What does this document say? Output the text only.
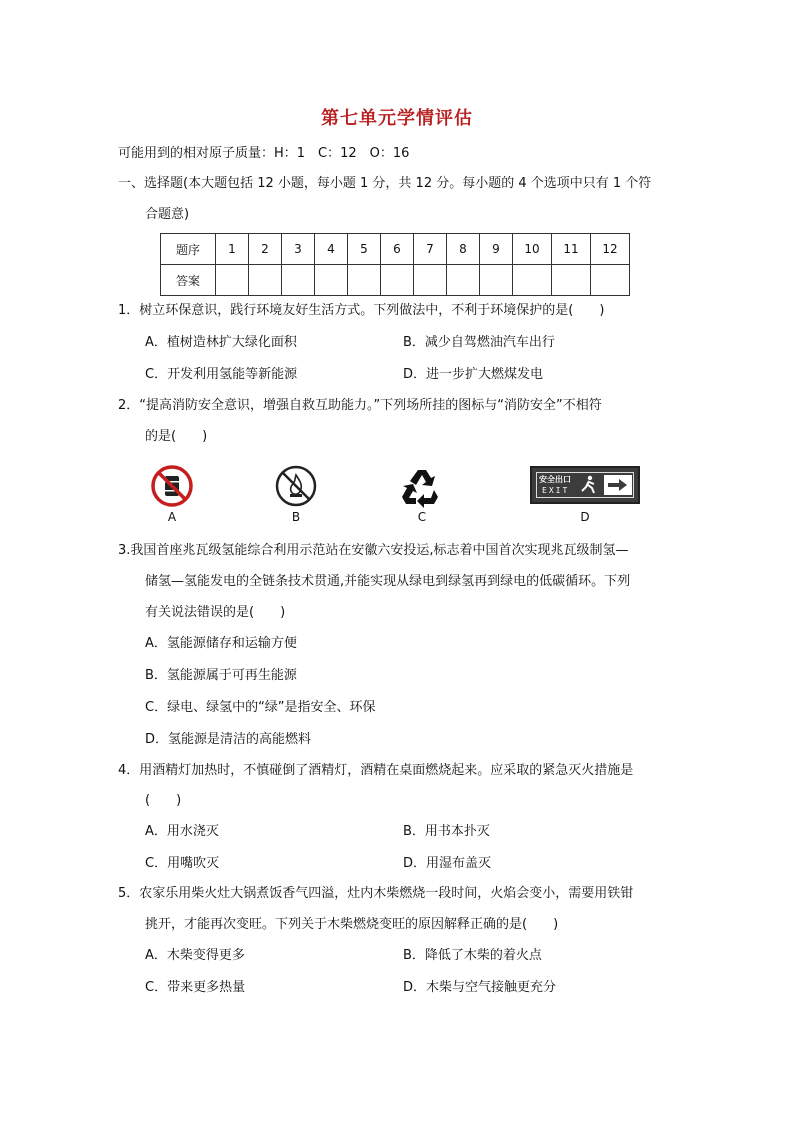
第七单元学情评估
可能用到的相对原子质量：H：1　C：12　O：16
一、选择题(本大题包括 12 小题，每小题 1 分，共 12 分。每小题的 4 个选项中只有 1 个符
合题意)
题序	1	2	3	4	5	6	7	8	9	10	11	12
答案												
1．树立环保意识，践行环境友好生活方式。下列做法中，不利于环境保护的是(　　)
A．植树造林扩大绿化面积	B．减少自驾燃油汽车出行
C．开发利用氢能等新能源	D．进一步扩大燃煤发电
2．“提高消防安全意识，增强自救互助能力。”下列场所挂的图标与“消防安全”不相符
的是(　　)
安全出口
EXIT
A	B	C	D
3.我国首座兆瓦级氢能综合利用示范站在安徽六安投运,标志着中国首次实现兆瓦级制氢—
储氢—氢能发电的全链条技术贯通,并能实现从绿电到绿氢再到绿电的低碳循环。下列
有关说法错误的是(　　)
A．氢能源储存和运输方便
B．氢能源属于可再生能源
C．绿电、绿氢中的“绿”是指安全、环保
D．氢能源是清洁的高能燃料
4．用酒精灯加热时，不慎碰倒了酒精灯，酒精在桌面燃烧起来。应采取的紧急灭火措施是
(　　)
A．用水浇灭	B．用书本扑灭
C．用嘴吹灭	D．用湿布盖灭
5．农家乐用柴火灶大锅煮饭香气四溢，灶内木柴燃烧一段时间，火焰会变小，需要用铁钳
挑开，才能再次变旺。下列关于木柴燃烧变旺的原因解释正确的是(　　)
A．木柴变得更多	B．降低了木柴的着火点
C．带来更多热量	D．木柴与空气接触更充分
